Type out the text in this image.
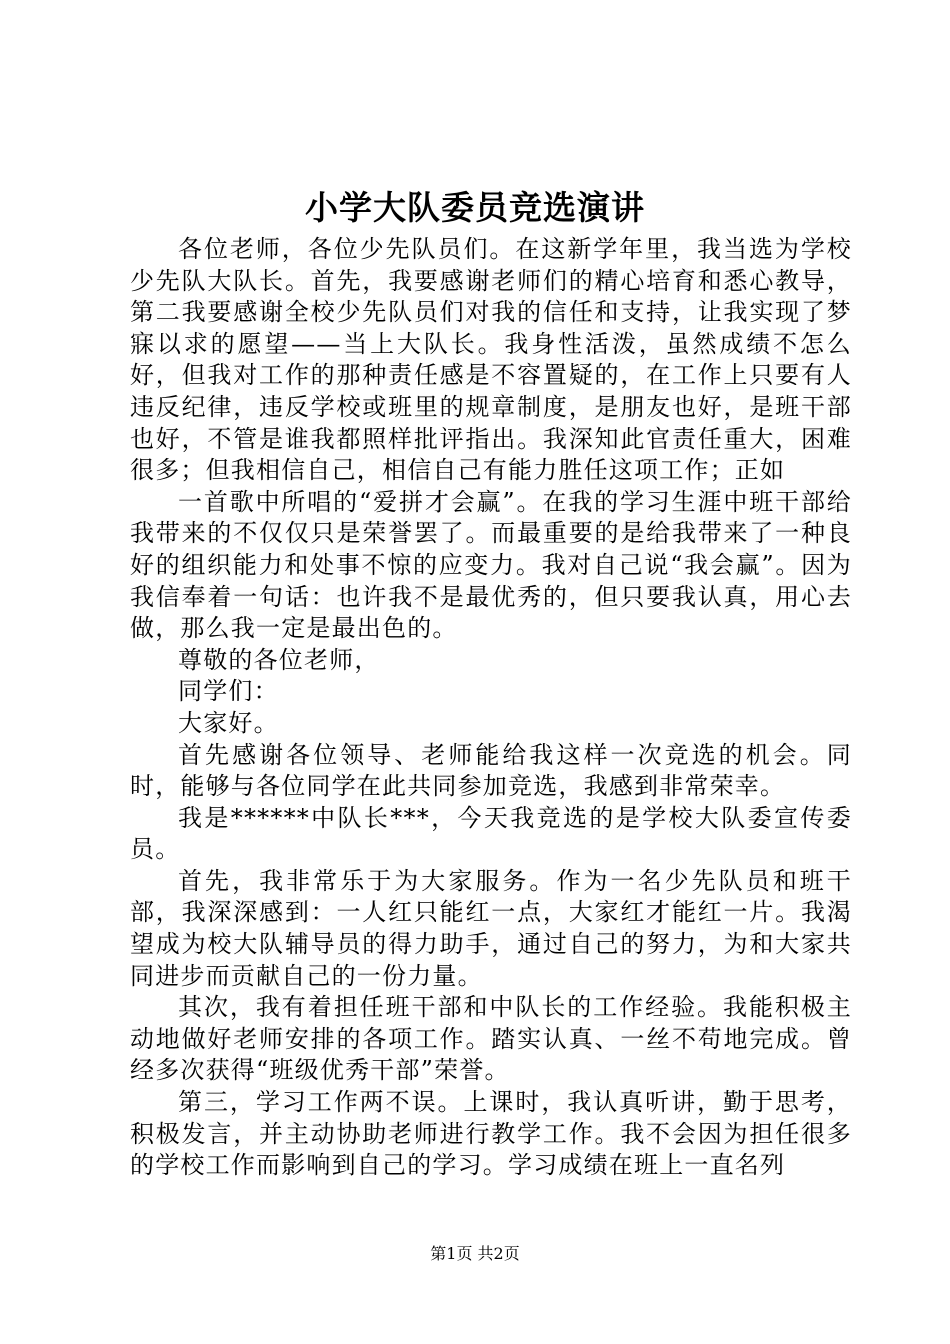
小学大队委员竞选演讲

各位老师，各位少先队员们。在这新学年里，我当选为学校少先队大队长。首先，我要感谢老师们的精心培育和悉心教导，第二我要感谢全校少先队员们对我的信任和支持，让我实现了梦寐以求的愿望——当上大队长。我身性活泼，虽然成绩不怎么好，但我对工作的那种责任感是不容置疑的，在工作上只要有人违反纪律，违反学校或班里的规章制度，是朋友也好，是班干部也好，不管是谁我都照样批评指出。我深知此官责任重大，困难很多；但我相信自己，相信自己有能力胜任这项工作；正如

一首歌中所唱的“爱拼才会赢”。在我的学习生涯中班干部给我带来的不仅仅只是荣誉罢了。而最重要的是给我带来了一种良好的组织能力和处事不惊的应变力。我对自己说“我会赢”。因为我信奉着一句话：也许我不是最优秀的，但只要我认真，用心去做，那么我一定是最出色的。

尊敬的各位老师，

同学们：

大家好。

首先感谢各位领导、老师能给我这样一次竞选的机会。同时，能够与各位同学在此共同参加竞选，我感到非常荣幸。

我是******中队长***，今天我竞选的是学校大队委宣传委员。

首先，我非常乐于为大家服务。作为一名少先队员和班干部，我深深感到：一人红只能红一点，大家红才能红一片。我渴望成为校大队辅导员的得力助手，通过自己的努力，为和大家共同进步而贡献自己的一份力量。

其次，我有着担任班干部和中队长的工作经验。我能积极主动地做好老师安排的各项工作。踏实认真、一丝不苟地完成。曾经多次获得“班级优秀干部”荣誉。

第三，学习工作两不误。上课时，我认真听讲，勤于思考，积极发言，并主动协助老师进行教学工作。我不会因为担任很多的学校工作而影响到自己的学习。学习成绩在班上一直名列

第1页 共2页
